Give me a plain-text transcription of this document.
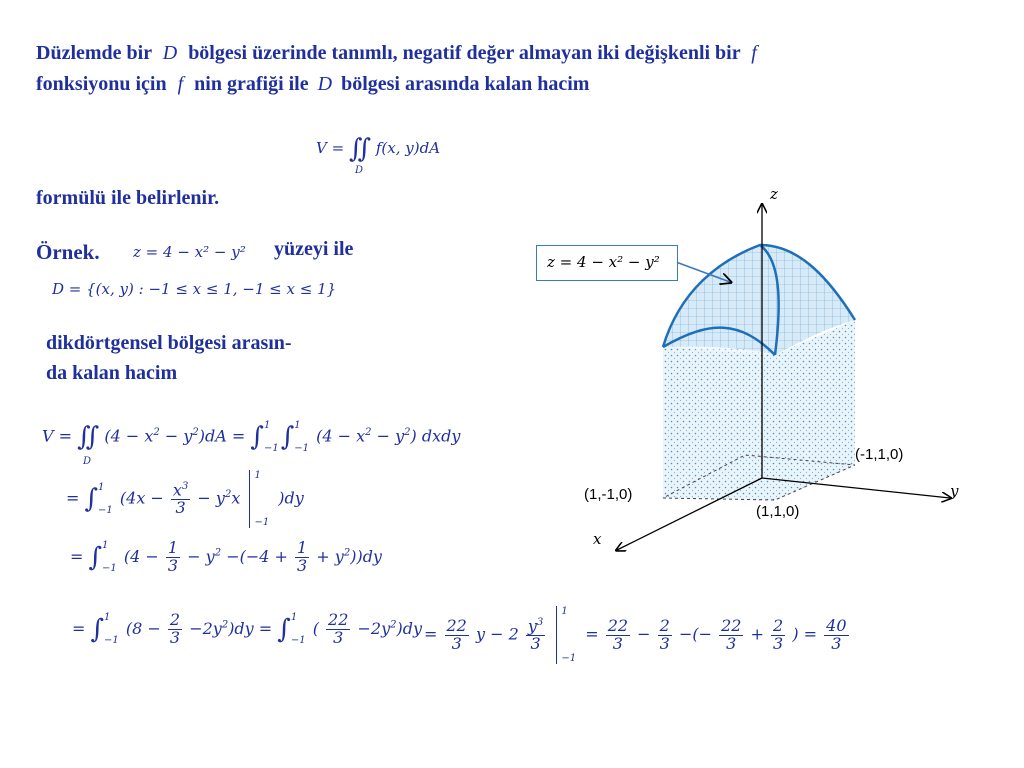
Düzlemde bir D bölgesi üzerinde tanımlı, negatif değer almayan iki değişkenli bir f
fonksiyonu için f nin grafiği ile D bölgesi arasında kalan hacim
V = ∬ f(x, y)dA
D
formülü ile belirlenir.
Örnek. z = 4 − x² − y² yüzeyi ile
D = {(x, y) : −1 ≤ x ≤ 1, −1 ≤ x ≤ 1}
dikdörtgensel bölgesi arasın-
da kalan hacim
V = ∬ $(4 - x^2 - y^2)dA$ = ∫ 1
−1 ∫ 1
−1
$(4 - x^2 - y^2)$ dxdy
D
= ∫ 1
−1
($4x - \frac{x^3}{3} - y^2x$
1
−1
)dy
= ∫ 1
−1
$(4 - \frac{1}{3} - y^2 -(-4 + \frac{1}{3} + y^2))dy$
= ∫ 1
−1
$(8 - \frac{2}{3} -2y^2)dy$ = ∫ 1
−1
( $\frac{22}{3} -2y^2)dy = \frac{22}{3}$ $y - 2 \frac{y^3}{3}$

1
−1
= $\frac{22}{3} - \frac{2}{3}$ −(− $\frac{22}{3} + \frac{2}{3}$ ) = $\frac{40}{3}$
z
y
x
z = 4 − x² − y²
(-1,1,0)
(1,-1,0)
(1,1,0)
